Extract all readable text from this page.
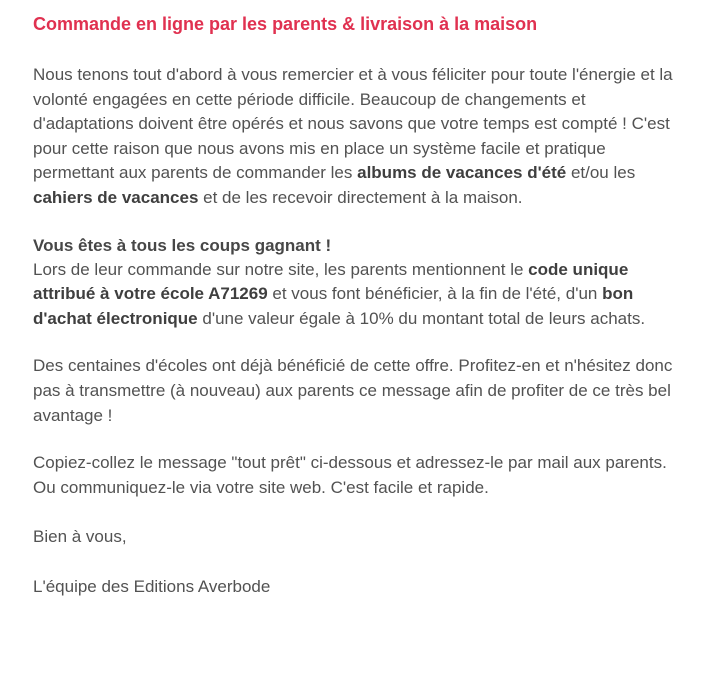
Commande en ligne par les parents & livraison à la maison

Nous tenons tout d'abord à vous remercier et à vous féliciter pour toute l'énergie et la volonté engagées en cette période difficile. Beaucoup de changements et d'adaptations doivent être opérés et nous savons que votre temps est compté ! C'est pour cette raison que nous avons mis en place un système facile et pratique permettant aux parents de commander les albums de vacances d'été et/ou les cahiers de vacances et de les recevoir directement à la maison.

Vous êtes à tous les coups gagnant !

Lors de leur commande sur notre site, les parents mentionnent le code unique attribué à votre école A71269 et vous font bénéficier, à la fin de l'été, d'un bon d'achat électronique d'une valeur égale à 10% du montant total de leurs achats.

Des centaines d'écoles ont déjà bénéficié de cette offre. Profitez-en et n'hésitez donc pas à transmettre (à nouveau) aux parents ce message afin de profiter de ce très bel avantage !

Copiez-collez le message "tout prêt" ci-dessous et adressez-le par mail aux parents. Ou communiquez-le via votre site web. C'est facile et rapide.

Bien à vous,

L'équipe des Editions Averbode
